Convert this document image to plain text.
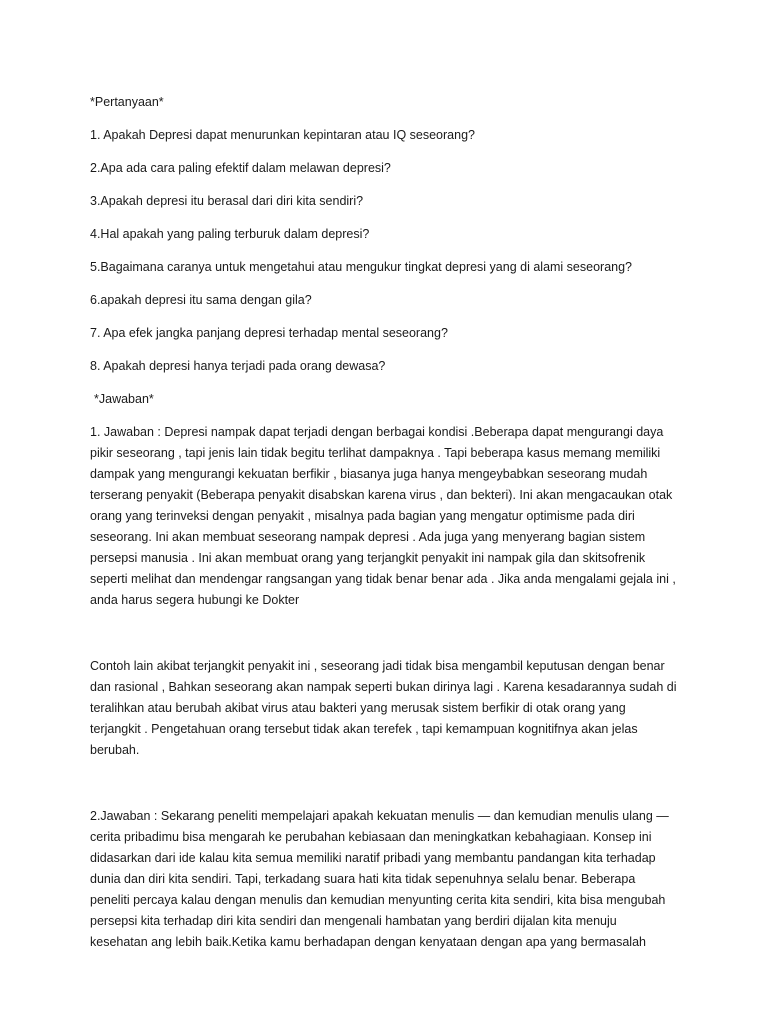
*Pertanyaan*

1. Apakah Depresi dapat menurunkan kepintaran atau IQ seseorang?

2.Apa ada cara paling efektif dalam melawan depresi?

3.Apakah depresi itu berasal dari diri kita sendiri?

4.Hal apakah yang paling terburuk dalam depresi?

5.Bagaimana caranya untuk mengetahui atau mengukur tingkat depresi yang di alami seseorang?

6.apakah depresi itu sama dengan gila?

7. Apa efek jangka panjang depresi terhadap mental seseorang?

8. Apakah depresi hanya terjadi pada orang dewasa?

*Jawaban*

1. Jawaban : Depresi nampak dapat terjadi dengan berbagai kondisi .Beberapa dapat mengurangi daya

pikir seseorang , tapi jenis lain tidak begitu terlihat dampaknya . Tapi beberapa kasus memang memiliki

dampak yang mengurangi kekuatan berfikir , biasanya juga hanya mengeybabkan seseorang mudah

terserang penyakit (Beberapa penyakit disabskan karena virus , dan bekteri). Ini akan mengacaukan otak

orang yang terinveksi dengan penyakit , misalnya pada bagian yang mengatur optimisme pada diri

seseorang. Ini akan membuat seseorang nampak depresi . Ada juga yang menyerang bagian sistem

persepsi manusia . Ini akan membuat orang yang terjangkit penyakit ini nampak gila dan skitsofrenik

seperti melihat dan mendengar rangsangan yang tidak benar benar ada . Jika anda mengalami gejala ini ,

anda harus segera hubungi ke Dokter

Contoh lain akibat terjangkit penyakit ini , seseorang jadi tidak bisa mengambil keputusan dengan benar

dan rasional , Bahkan seseorang akan nampak seperti bukan dirinya lagi . Karena kesadarannya sudah di

teralihkan atau berubah akibat virus atau bakteri yang merusak sistem berfikir di otak orang yang

terjangkit . Pengetahuan orang tersebut tidak akan terefek , tapi kemampuan kognitifnya akan jelas

berubah.

2.Jawaban : Sekarang peneliti mempelajari apakah kekuatan menulis — dan kemudian menulis ulang —

cerita pribadimu bisa mengarah ke perubahan kebiasaan dan meningkatkan kebahagiaan. Konsep ini

didasarkan dari ide kalau kita semua memiliki naratif pribadi yang membantu pandangan kita terhadap

dunia dan diri kita sendiri. Tapi, terkadang suara hati kita tidak sepenuhnya selalu benar. Beberapa

peneliti percaya kalau dengan menulis dan kemudian menyunting cerita kita sendiri, kita bisa mengubah

persepsi kita terhadap diri kita sendiri dan mengenali hambatan yang berdiri dijalan kita menuju

kesehatan ang lebih baik.Ketika kamu berhadapan dengan kenyataan dengan apa yang bermasalah
